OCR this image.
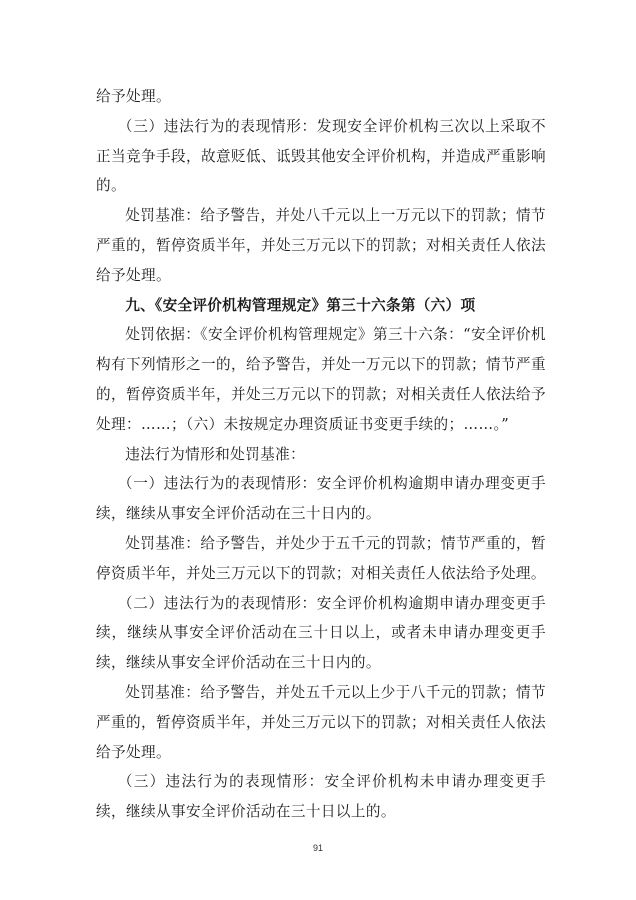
给予处理。

（三）违法行为的表现情形：发现安全评价机构三次以上采取不正当竞争手段，故意贬低、诋毁其他安全评价机构，并造成严重影响的。

处罚基准：给予警告，并处八千元以上一万元以下的罚款；情节严重的，暂停资质半年，并处三万元以下的罚款；对相关责任人依法给予处理。

九、《安全评价机构管理规定》第三十六条第（六）项

处罚依据：《安全评价机构管理规定》第三十六条：“安全评价机构有下列情形之一的，给予警告，并处一万元以下的罚款；情节严重的，暂停资质半年，并处三万元以下的罚款；对相关责任人依法给予处理：……；（六）未按规定办理资质证书变更手续的；……。”

违法行为情形和处罚基准：

（一）违法行为的表现情形：安全评价机构逾期申请办理变更手续，继续从事安全评价活动在三十日内的。

处罚基准：给予警告，并处少于五千元的罚款；情节严重的，暂停资质半年，并处三万元以下的罚款；对相关责任人依法给予处理。

（二）违法行为的表现情形：安全评价机构逾期申请办理变更手续，继续从事安全评价活动在三十日以上，或者未申请办理变更手续，继续从事安全评价活动在三十日内的。

处罚基准：给予警告，并处五千元以上少于八千元的罚款；情节严重的，暂停资质半年，并处三万元以下的罚款；对相关责任人依法给予处理。

（三）违法行为的表现情形：安全评价机构未申请办理变更手续，继续从事安全评价活动在三十日以上的。

91
